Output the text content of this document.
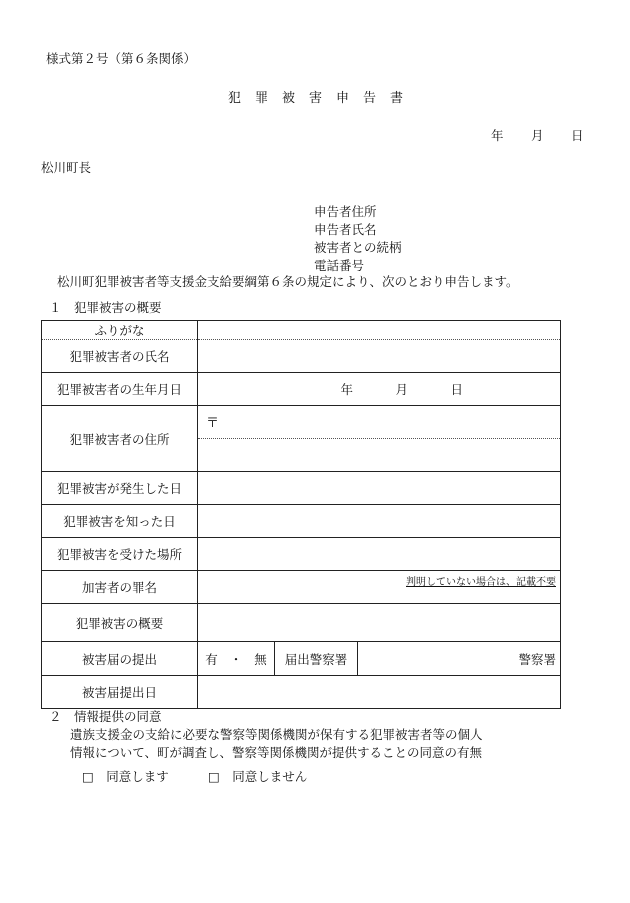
様式第２号（第６条関係）
犯罪被害申告書
年 月 日
松川町長
申告者住所
申告者氏名
被害者との続柄
電話番号
松川町犯罪被害者等支援金支給要綱第６条の規定により、次のとおり申告します。
１　犯罪被害の概要
ふりがな	
犯罪被害者の氏名	
犯罪被害者の生年月日	年 月 日

犯罪被害者の住所	〒

犯罪被害が発生した日	
犯罪被害を知った日	
犯罪被害を受けた場所	
加害者の罪名	判明していない場合は、記載不要

犯罪被害の概要	
被害届の提出	有 ・ 無 届出警察署 警察署

被害届提出日	
２　情報提供の同意
遺族支援金の支給に必要な警察等関係機関が保有する犯罪被害者等の個人
情報について、町が調査し、警察等関係機関が提供することの同意の有無
□　同意します	□　同意しません
